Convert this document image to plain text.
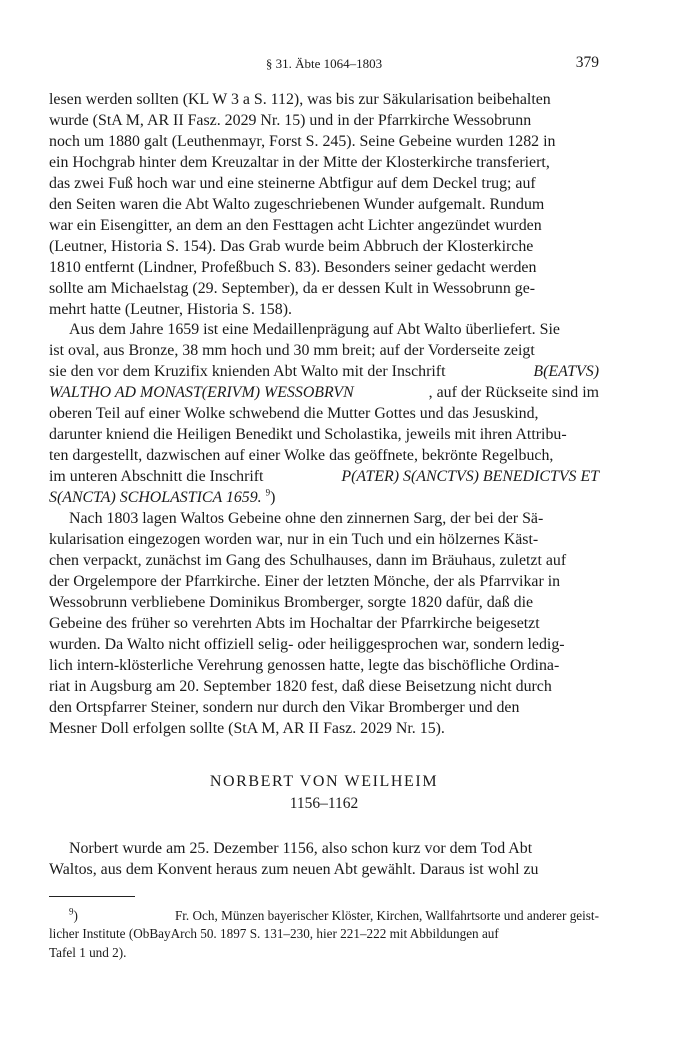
§ 31. Äbte 1064–1803	379
lesen werden sollten (KL W 3 a S. 112), was bis zur Säkularisation beibehalten
wurde (StA M, AR II Fasz. 2029 Nr. 15) und in der Pfarrkirche Wessobrunn
noch um 1880 galt (Leuthenmayr, Forst S. 245). Seine Gebeine wurden 1282 in
ein Hochgrab hinter dem Kreuzaltar in der Mitte der Klosterkirche transferiert,
das zwei Fuß hoch war und eine steinerne Abtfigur auf dem Deckel trug; auf
den Seiten waren die Abt Walto zugeschriebenen Wunder aufgemalt. Rundum
war ein Eisengitter, an dem an den Festtagen acht Lichter angezündet wurden
(Leutner, Historia S. 154). Das Grab wurde beim Abbruch der Klosterkirche
1810 entfernt (Lindner, Profeßbuch S. 83). Besonders seiner gedacht werden
sollte am Michaelstag (29. September), da er dessen Kult in Wessobrunn ge-
mehrt hatte (Leutner, Historia S. 158).
Aus dem Jahre 1659 ist eine Medaillenprägung auf Abt Walto überliefert. Sie
ist oval, aus Bronze, 38 mm hoch und 30 mm breit; auf der Vorderseite zeigt
sie den vor dem Kruzifix knienden Abt Walto mit der Inschrift	B(EATVS)
WALTHO AD MONAST(ERIVM) WESSOBRVN	, auf der Rückseite sind im
oberen Teil auf einer Wolke schwebend die Mutter Gottes und das Jesuskind,
darunter kniend die Heiligen Benedikt und Scholastika, jeweils mit ihren Attribu-
ten dargestellt, dazwischen auf einer Wolke das geöffnete, bekrönte Regelbuch,
im unteren Abschnitt die Inschrift	P(ATER) S(ANCTVS) BENEDICTVS ET
S(ANCTA) SCHOLASTICA 1659. $^9$)
Nach 1803 lagen Waltos Gebeine ohne den zinnernen Sarg, der bei der Sä-
kularisation eingezogen worden war, nur in ein Tuch und ein hölzernes Käst-
chen verpackt, zunächst im Gang des Schulhauses, dann im Bräuhaus, zuletzt auf
der Orgelempore der Pfarrkirche. Einer der letzten Mönche, der als Pfarrvikar in
Wessobrunn verbliebene Dominikus Bromberger, sorgte 1820 dafür, daß die
Gebeine des früher so verehrten Abts im Hochaltar der Pfarrkirche beigesetzt
wurden. Da Walto nicht offiziell selig- oder heiliggesprochen war, sondern ledig-
lich intern-klösterliche Verehrung genossen hatte, legte das bischöfliche Ordina-
riat in Augsburg am 20. September 1820 fest, daß diese Beisetzung nicht durch
den Ortspfarrer Steiner, sondern nur durch den Vikar Bromberger und den
Mesner Doll erfolgen sollte (StA M, AR II Fasz. 2029 Nr. 15).
NORBERT VON WEILHEIM
1156–1162
Norbert wurde am 25. Dezember 1156, also schon kurz vor dem Tod Abt
Waltos, aus dem Konvent heraus zum neuen Abt gewählt. Daraus ist wohl zu
$^9$)	Fr. Och, Münzen bayerischer Klöster, Kirchen, Wallfahrtsorte und anderer geist-
licher Institute (ObBayArch 50. 1897 S. 131–230, hier 221–222 mit Abbildungen auf
Tafel 1 und 2).
